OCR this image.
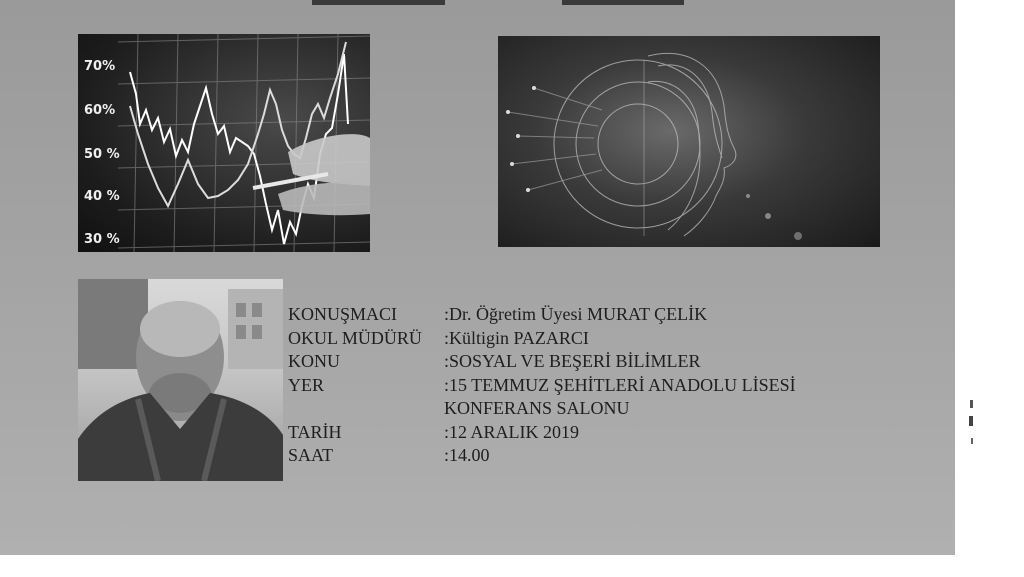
70%
60%
50 %
40 %
30 %
KONUŞMACI	:Dr. Öğretim Üyesi MURAT ÇELİK
OKUL MÜDÜRÜ	:Kültigin PAZARCI
KONU	:SOSYAL VE BEŞERİ BİLİMLER
YER	:15 TEMMUZ ŞEHİTLERİ ANADOLU LİSESİ
KONFERANS SALONU
TARİH	:12 ARALIK 2019
SAAT	:14.00
